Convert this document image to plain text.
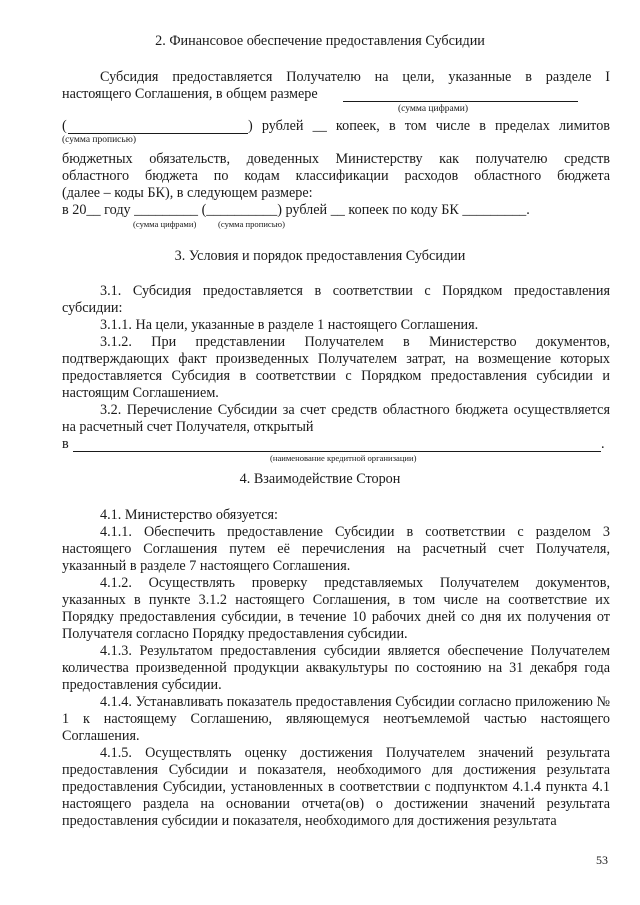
2. Финансовое обеспечение предоставления Субсидии
Субсидия предоставляется Получателю на цели, указанные в разделе I
настоящего Соглашения, в общем размере
(сумма цифрами)
(	) рублей __ копеек, в том числе в пределах лимитов
(сумма прописью)
бюджетных обязательств, доведенных Министерству как получателю средств
областного бюджета по кодам классификации расходов областного бюджета
(далее – коды БК), в следующем размере:
в 20__ году _________ (__________) рублей __ копеек по коду БК _________.
(сумма цифрами)	(сумма прописью)
3. Условия и порядок предоставления Субсидии

3.1. Субсидия предоставляется в соответствии с Порядком предоставления субсидии:

3.1.1. На цели, указанные в разделе 1 настоящего Соглашения.

3.1.2. При представлении Получателем в Министерство документов, подтверждающих факт произведенных Получателем затрат, на возмещение которых предоставляется Субсидия в соответствии с Порядком предоставления субсидии и настоящим Соглашением.

3.2. Перечисление Субсидии за счет средств областного бюджета осуществляется на расчетный счет Получателя, открытый

в	.
(наименование кредитной организации)
4. Взаимодействие Сторон

4.1. Министерство обязуется:

4.1.1. Обеспечить предоставление Субсидии в соответствии с разделом 3 настоящего Соглашения путем её перечисления на расчетный счет Получателя, указанный в разделе 7 настоящего Соглашения.

4.1.2. Осуществлять проверку представляемых Получателем документов, указанных в пункте 3.1.2 настоящего Соглашения, в том числе на соответствие их Порядку предоставления субсидии, в течение 10 рабочих дней со дня их получения от Получателя согласно Порядку предоставления субсидии.

4.1.3. Результатом предоставления субсидии является обеспечение Получателем количества произведенной продукции аквакультуры по состоянию на 31 декабря года предоставления субсидии.

4.1.4. Устанавливать показатель предоставления Субсидии согласно приложению № 1 к настоящему Соглашению, являющемуся неотъемлемой частью настоящего Соглашения.

4.1.5. Осуществлять оценку достижения Получателем значений результата предоставления Субсидии и показателя, необходимого для достижения результата предоставления Субсидии, установленных в соответствии с подпунктом 4.1.4 пункта 4.1 настоящего раздела на основании отчета(ов) о достижении значений результата предоставления субсидии и показателя, необходимого для достижения результата

53
